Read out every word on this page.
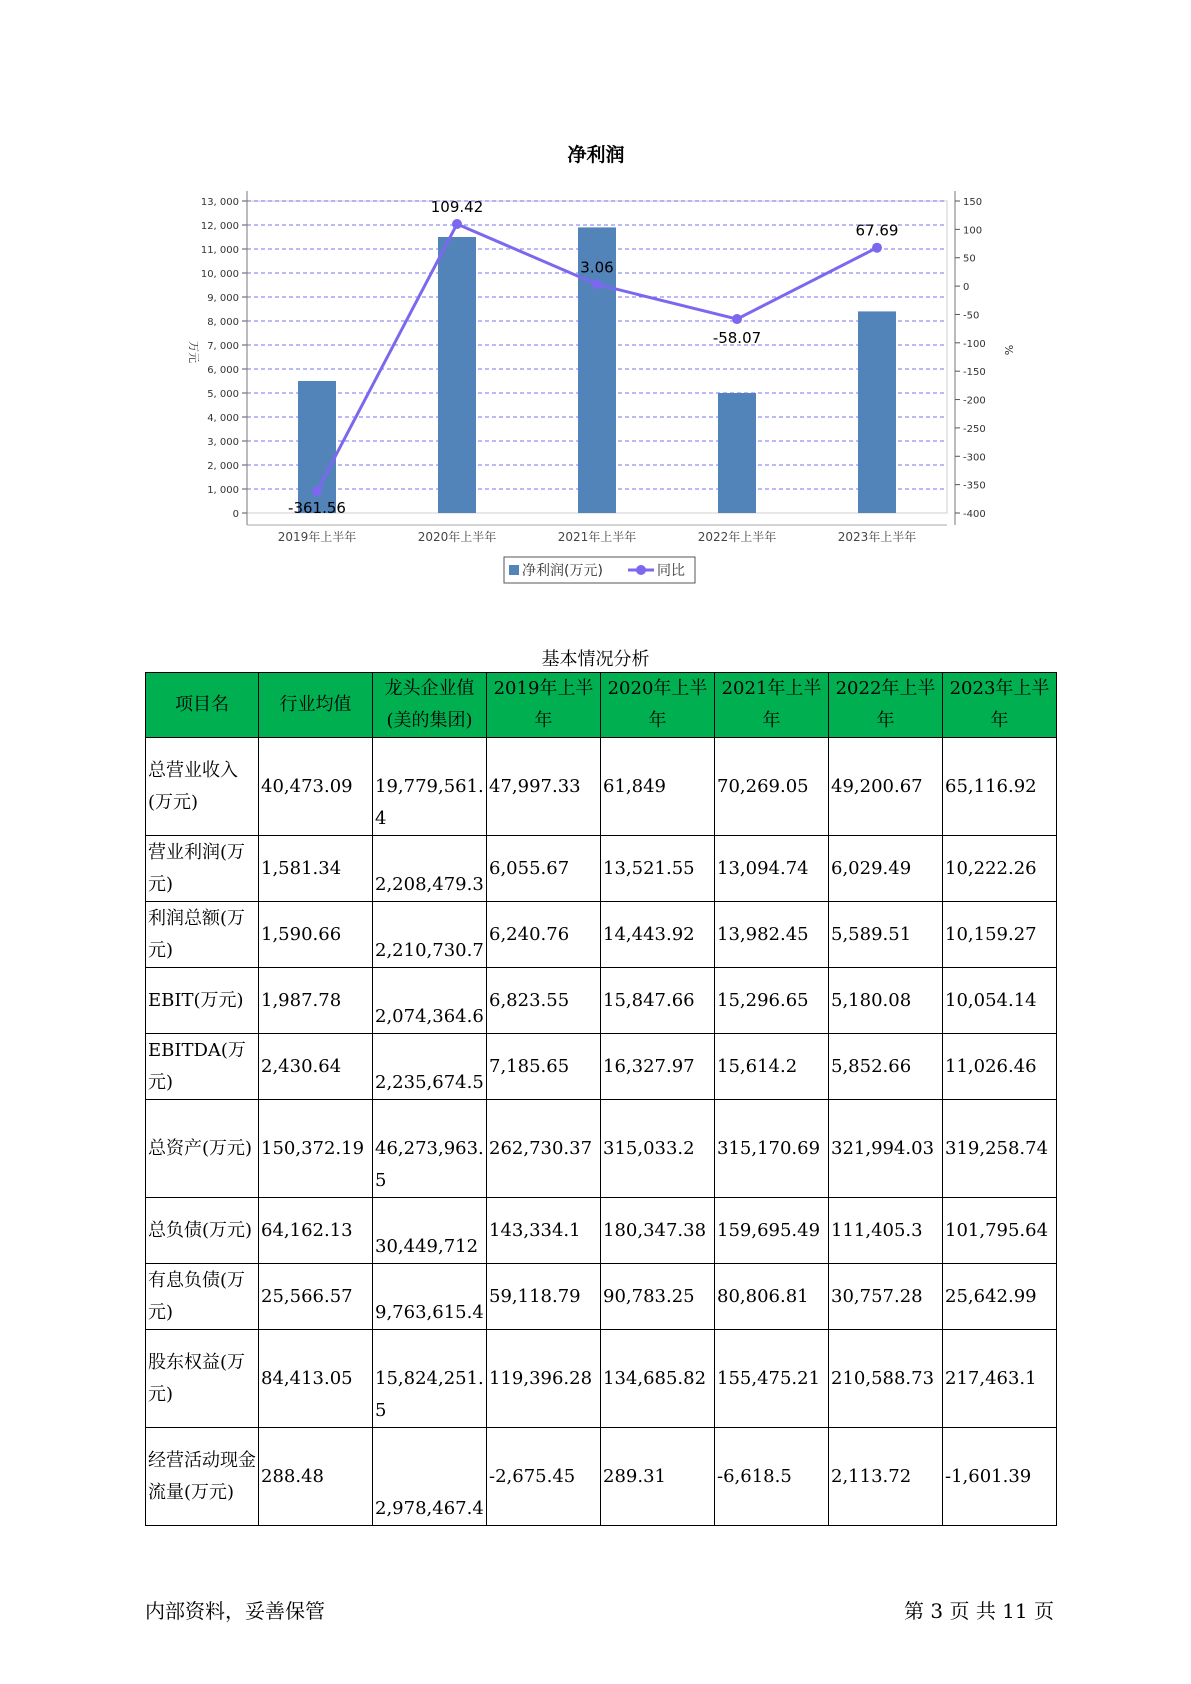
净利润
0
1, 000
2, 000
3, 000
4, 000
5, 000
6, 000
7, 000
8, 000
9, 000
10, 000
11, 000
12, 000
13, 000
-400
-350
-300
-250
-200
-150
-100
-50
0
50
100
150
万元	%
2019年上半年	2020年上半年	2021年上半年	2022年上半年	2023年上半年
-361.56
109.42
3.06
-58.07
67.69
净利润(万元)	同比
基本情况分析
项目名	行业均值	龙头企业值(美的集团)	2019年上半年	2020年上半年	2021年上半年	2022年上半年	2023年上半年
总营业收入(万元)	40,473.09	19,779,561.4	47,997.33	61,849	70,269.05	49,200.67	65,116.92
营业利润(万元)	1,581.34	2,208,479.3	6,055.67	13,521.55	13,094.74	6,029.49	10,222.26
利润总额(万元)	1,590.66	2,210,730.7	6,240.76	14,443.92	13,982.45	5,589.51	10,159.27
EBIT(万元)	1,987.78	2,074,364.6	6,823.55	15,847.66	15,296.65	5,180.08	10,054.14
EBITDA(万元)	2,430.64	2,235,674.5	7,185.65	16,327.97	15,614.2	5,852.66	11,026.46
总资产(万元)	150,372.19	46,273,963.5	262,730.37	315,033.2	315,170.69	321,994.03	319,258.74
总负债(万元)	64,162.13	30,449,712	143,334.1	180,347.38	159,695.49	111,405.3	101,795.64
有息负债(万元)	25,566.57	9,763,615.4	59,118.79	90,783.25	80,806.81	30,757.28	25,642.99
股东权益(万元)	84,413.05	15,824,251.5	119,396.28	134,685.82	155,475.21	210,588.73	217,463.1
经营活动现金流量(万元)	288.48	2,978,467.4	-2,675.45	289.31	-6,618.5	2,113.72	-1,601.39
内部资料，妥善保管	第 3 页 共 11 页
